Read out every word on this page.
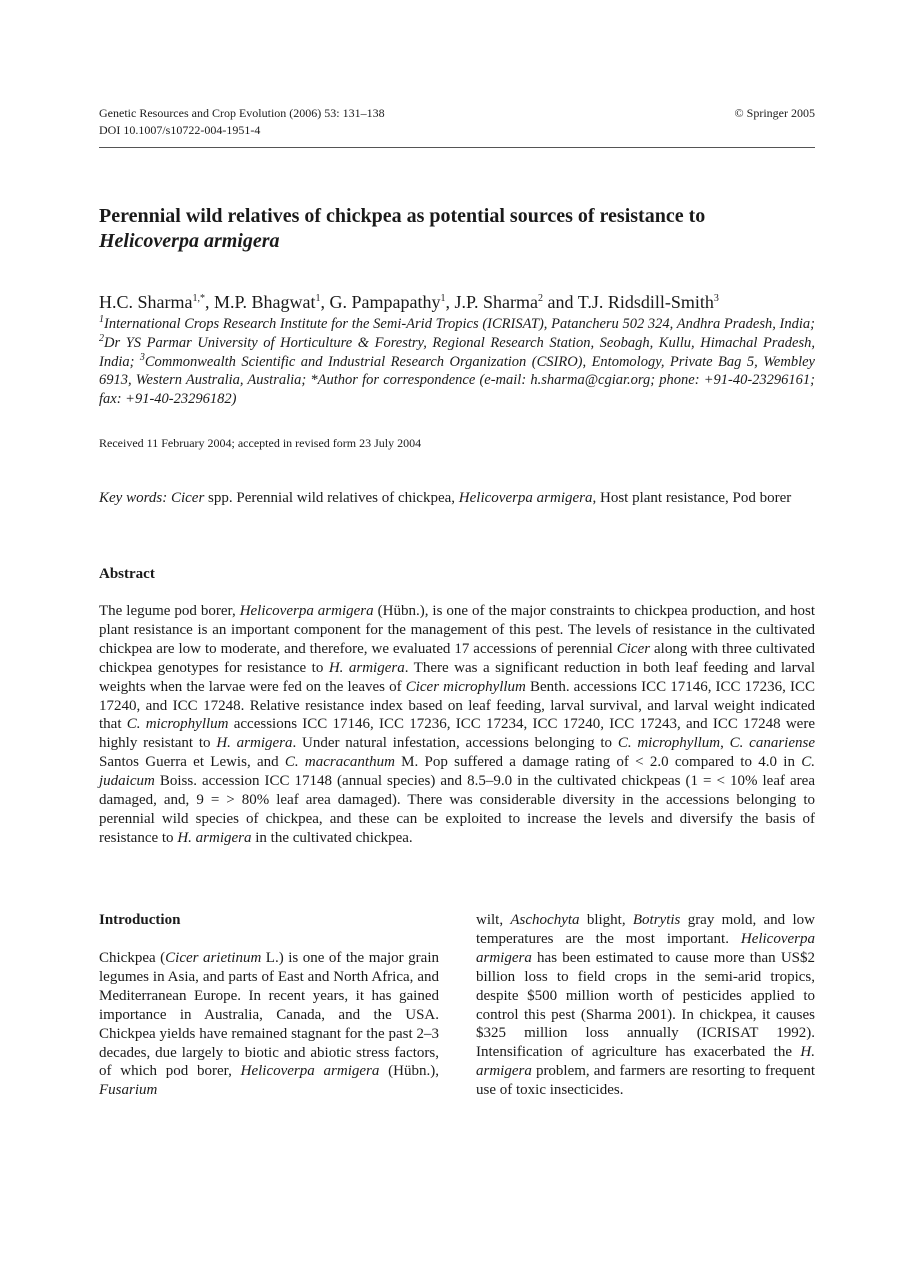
Genetic Resources and Crop Evolution (2006) 53: 131–138
DOI 10.1007/s10722-004-1951-4
© Springer 2005
Perennial wild relatives of chickpea as potential sources of resistance to
Helicoverpa armigera
H.C. Sharma$^{1,*}$, M.P. Bhagwat$^1$, G. Pampapathy$^1$, J.P. Sharma$^2$ and T.J. Ridsdill-Smith$^3$
$^1$International Crops Research Institute for the Semi-Arid Tropics (ICRISAT), Patancheru 502 324, Andhra Pradesh, India; $^2$Dr YS Parmar University of Horticulture & Forestry, Regional Research Station, Seobagh, Kullu, Himachal Pradesh, India; $^3$Commonwealth Scientific and Industrial Research Organization (CSIRO), Entomology, Private Bag 5, Wembley 6913, Western Australia, Australia; *Author for correspondence (e-mail: h.sharma@cgiar.org; phone: +91-40-23296161; fax: +91-40-23296182)
Received 11 February 2004; accepted in revised form 23 July 2004
Key words: Cicer spp. Perennial wild relatives of chickpea, Helicoverpa armigera, Host plant resistance, Pod borer
Abstract
The legume pod borer, Helicoverpa armigera (Hübn.), is one of the major constraints to chickpea production, and host plant resistance is an important component for the management of this pest. The levels of resistance in the cultivated chickpea are low to moderate, and therefore, we evaluated 17 accessions of perennial Cicer along with three cultivated chickpea genotypes for resistance to H. armigera. There was a significant reduction in both leaf feeding and larval weights when the larvae were fed on the leaves of Cicer microphyllum Benth. accessions ICC 17146, ICC 17236, ICC 17240, and ICC 17248. Relative resistance index based on leaf feeding, larval survival, and larval weight indicated that C. microphyllum accessions ICC 17146, ICC 17236, ICC 17234, ICC 17240, ICC 17243, and ICC 17248 were highly resistant to H. armigera. Under natural infestation, accessions belonging to C. microphyllum, C. canariense Santos Guerra et Lewis, and C. macracanthum M. Pop suffered a damage rating of < 2.0 compared to 4.0 in C. judaicum Boiss. accession ICC 17148 (annual species) and 8.5–9.0 in the cultivated chickpeas (1 = < 10% leaf area damaged, and, 9 = > 80% leaf area damaged). There was considerable diversity in the accessions belonging to perennial wild species of chickpea, and these can be exploited to increase the levels and diversify the basis of resistance to H. armigera in the cultivated chickpea.
Introduction
Chickpea (Cicer arietinum L.) is one of the major grain legumes in Asia, and parts of East and North Africa, and Mediterranean Europe. In recent years, it has gained importance in Australia, Canada, and the USA. Chickpea yields have remained stagnant for the past 2–3 decades, due largely to biotic and abiotic stress factors, of which pod borer, Helicoverpa armigera (Hübn.), Fusarium
wilt, Aschochyta blight, Botrytis gray mold, and low temperatures are the most important. Helicoverpa armigera has been estimated to cause more than US$2 billion loss to field crops in the semi-arid tropics, despite $500 million worth of pesticides applied to control this pest (Sharma 2001). In chickpea, it causes $325 million loss annually (ICRISAT 1992). Intensification of agriculture has exacerbated the H. armigera problem, and farmers are resorting to frequent use of toxic insecticides.
